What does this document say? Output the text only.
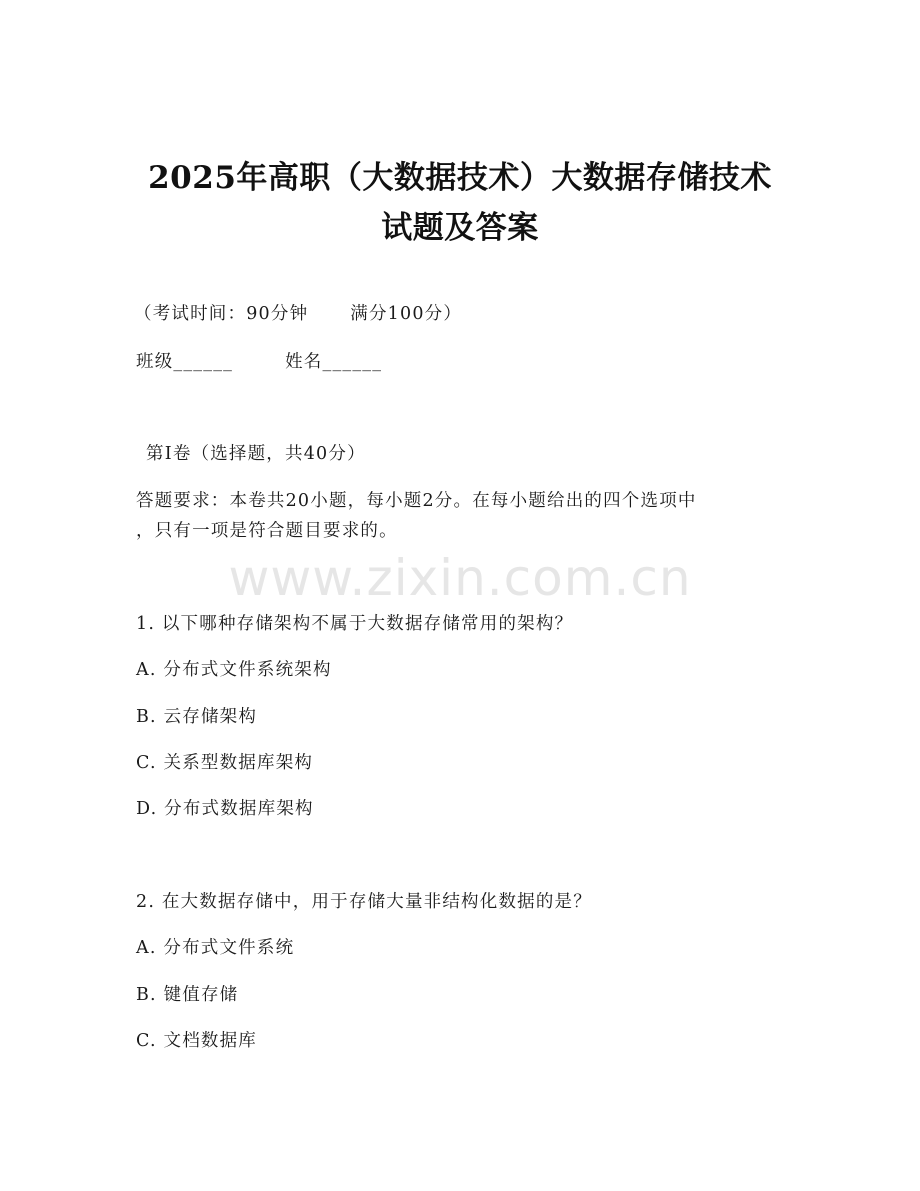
2025年高职（大数据技术）大数据存储技术
试题及答案
（考试时间：90分钟 满分100分）
班级______	姓名______
第I卷（选择题，共40分）
答题要求：本卷共20小题，每小题2分。在每小题给出的四个选项中
，只有一项是符合题目要求的。
www.zixin.com.cn
1. 以下哪种存储架构不属于大数据存储常用的架构？
A. 分布式文件系统架构
B. 云存储架构
C. 关系型数据库架构
D. 分布式数据库架构
2. 在大数据存储中，用于存储大量非结构化数据的是？
A. 分布式文件系统
B. 键值存储
C. 文档数据库
